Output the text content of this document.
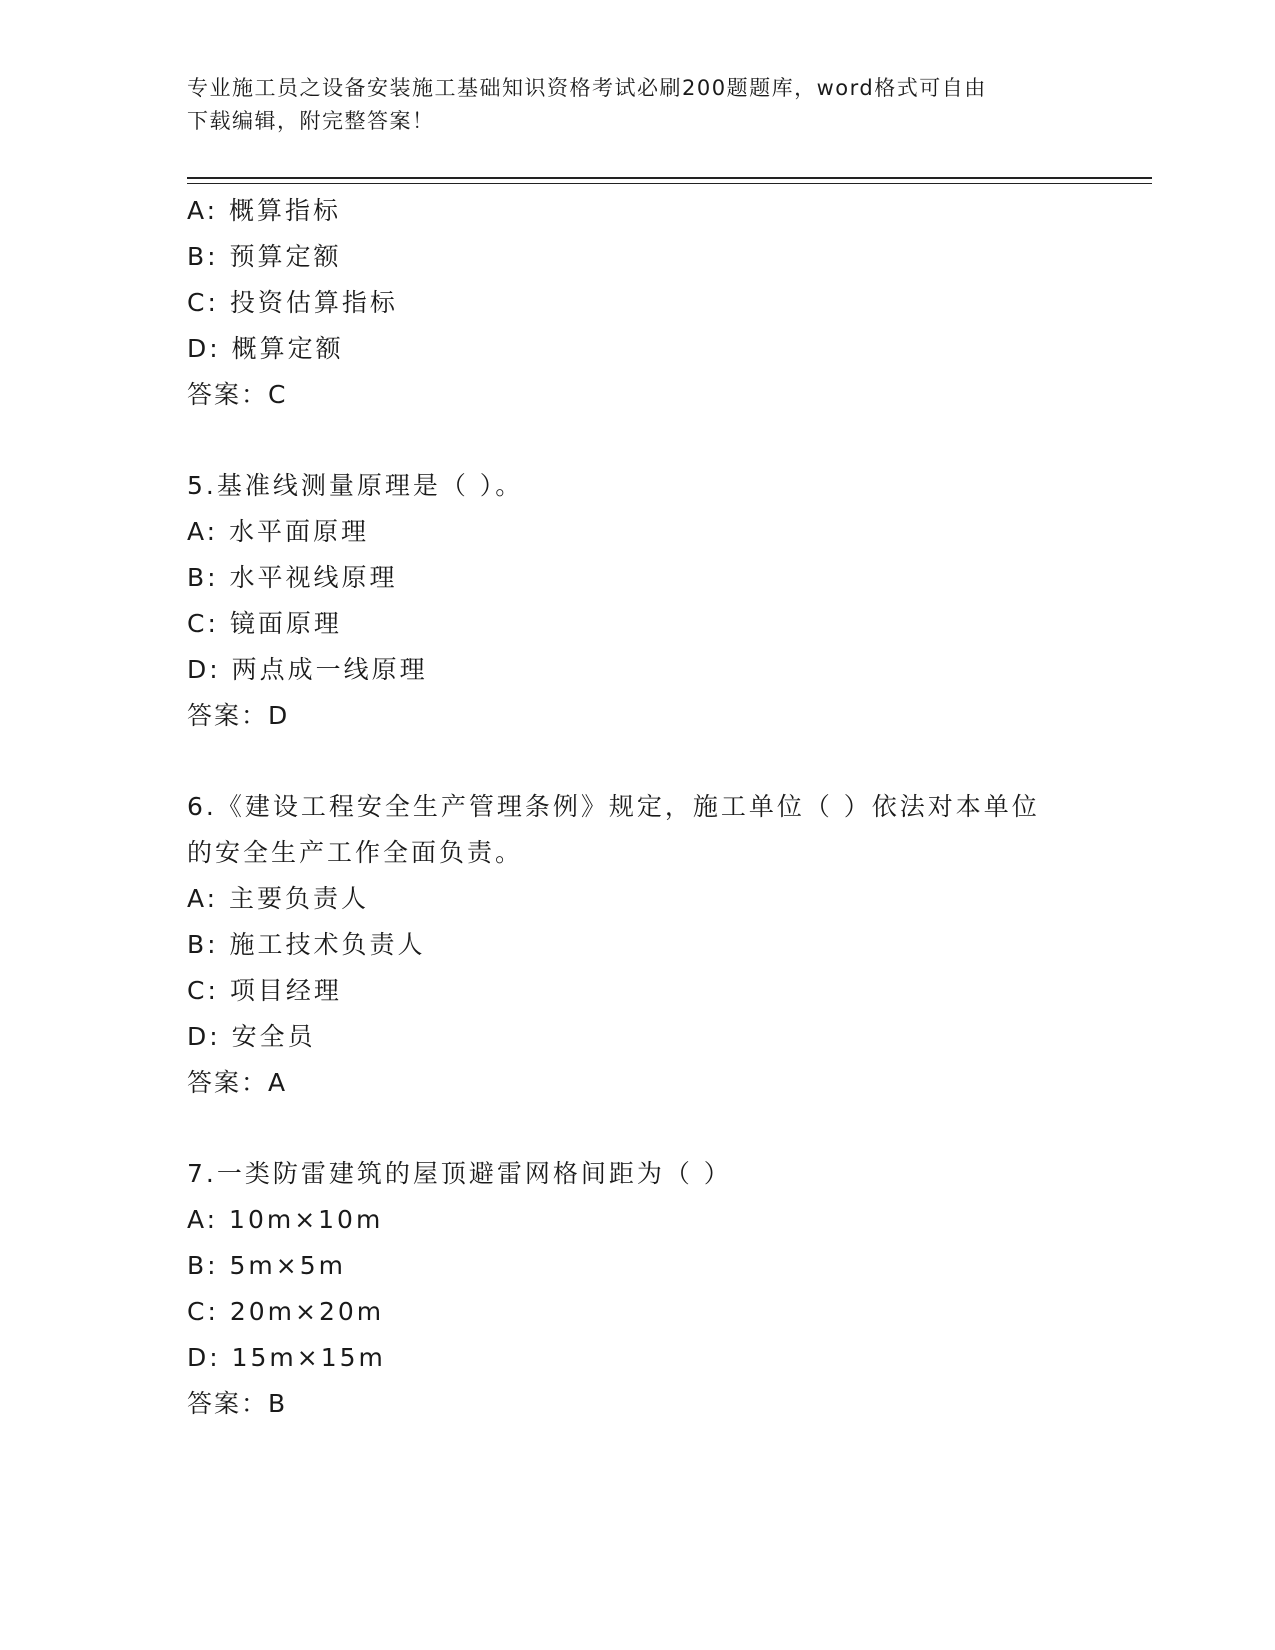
专业施工员之设备安装施工基础知识资格考试必刷200题题库，word格式可自由
下载编辑，附完整答案！
A: 概算指标
B: 预算定额
C: 投资估算指标
D: 概算定额
答案：C
5.基准线测量原理是（ ）。
A: 水平面原理
B: 水平视线原理
C: 镜面原理
D: 两点成一线原理
答案：D
6.《建设工程安全生产管理条例》规定，施工单位（ ）依法对本单位
的安全生产工作全面负责。
A: 主要负责人
B: 施工技术负责人
C: 项目经理
D: 安全员
答案：A
7.一类防雷建筑的屋顶避雷网格间距为（ ）
A: 10m×10m
B: 5m×5m
C: 20m×20m
D: 15m×15m
答案：B
